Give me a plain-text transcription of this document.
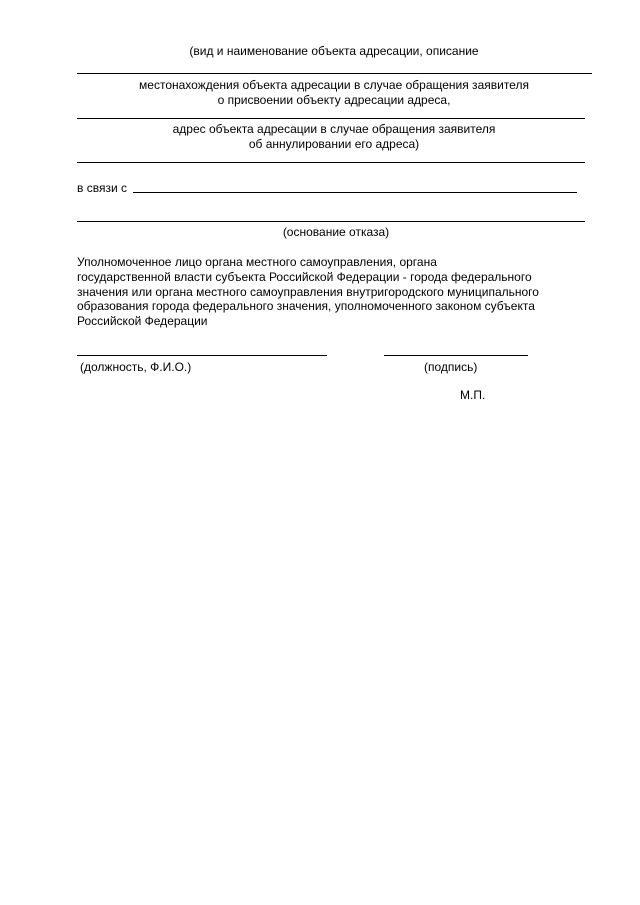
(вид и наименование объекта адресации, описание
местонахождения объекта адресации в случае обращения заявителя
о присвоении объекту адресации адреса,
адрес объекта адресации в случае обращения заявителя
об аннулировании его адреса)
в связи с
(основание отказа)
Уполномоченное лицо органа местного самоуправления, органа
государственной власти субъекта Российской Федерации - города федерального
значения или органа местного самоуправления внутригородского муниципального
образования города федерального значения, уполномоченного законом субъекта
Российской Федерации
(должность, Ф.И.О.)	(подпись)
М.П.
